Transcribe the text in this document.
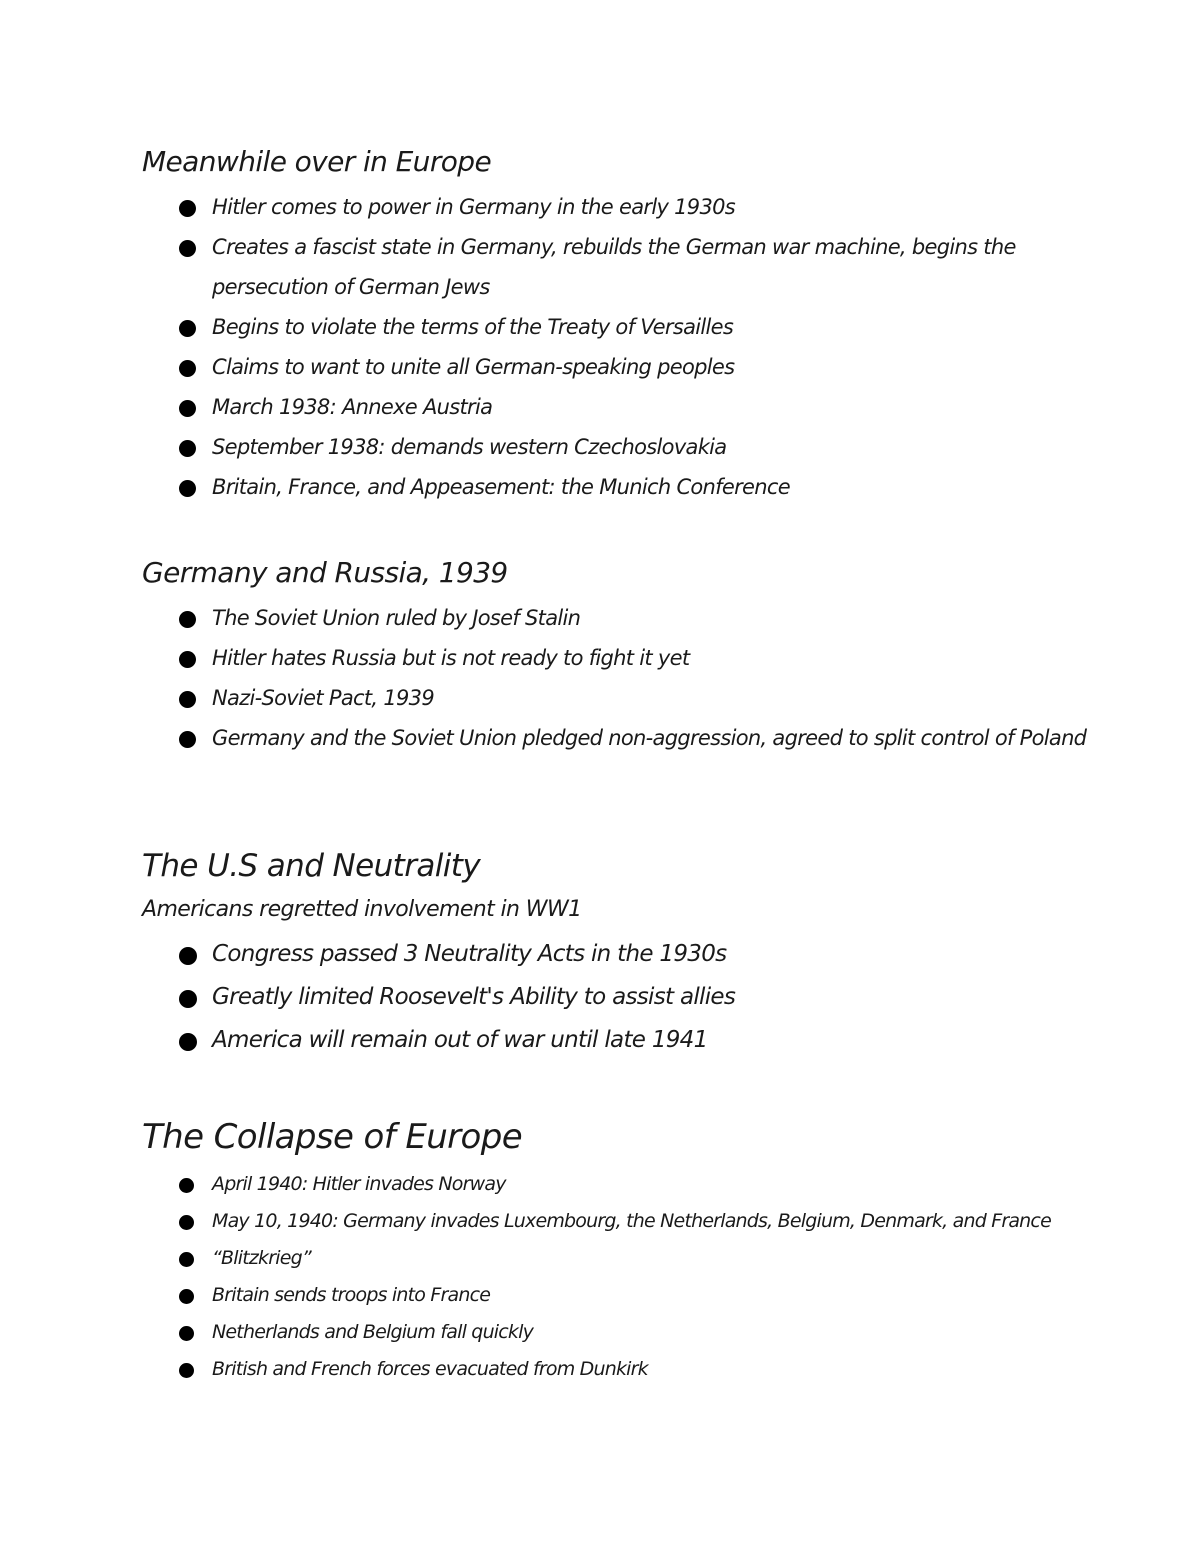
Meanwhile over in Europe
Hitler comes to power in Germany in the early 1930s
Creates a fascist state in Germany, rebuilds the German war machine, begins the persecution of German Jews
Begins to violate the terms of the Treaty of Versailles
Claims to want to unite all German-speaking peoples
March 1938: Annexe Austria
September 1938: demands western Czechoslovakia
Britain, France, and Appeasement: the Munich Conference
Germany and Russia, 1939
The Soviet Union ruled by Josef Stalin
Hitler hates Russia but is not ready to fight it yet
Nazi-Soviet Pact, 1939
Germany and the Soviet Union pledged non-aggression, agreed to split control of Poland
The U.S and Neutrality

Americans regretted involvement in WW1

Congress passed 3 Neutrality Acts in the 1930s
Greatly limited Roosevelt's Ability to assist allies
America will remain out of war until late 1941
The Collapse of Europe
April 1940: Hitler invades Norway
May 10, 1940: Germany invades Luxembourg, the Netherlands, Belgium, Denmark, and France
“Blitzkrieg”
Britain sends troops into France
Netherlands and Belgium fall quickly
British and French forces evacuated from Dunkirk
